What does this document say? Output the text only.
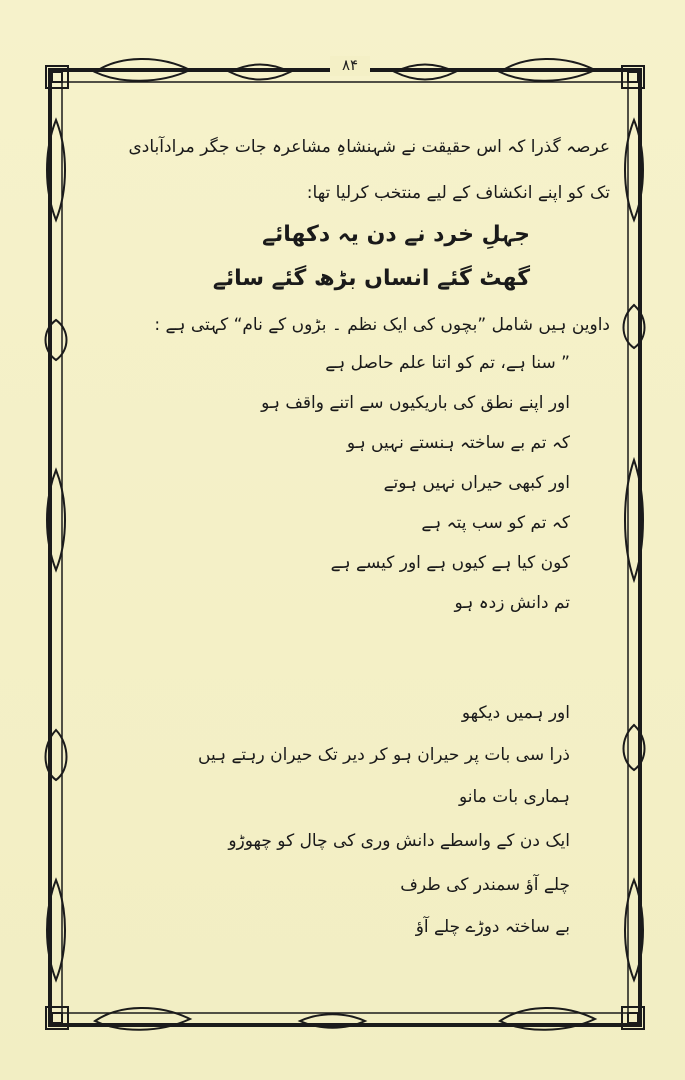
۸۴
عرصہ گذرا کہ اس حقیقت نے شہنشاہِ مشاعرہ جات جگر مرادآبادی
تک کو اپنے انکشاف کے لیے منتخب کرلیا تھا:
جہلِ خرد نے دن یہ دکھائے
گھٹ گئے انساں بڑھ گئے سائے
داوین ہیں شامل ”بچوں کی ایک نظم ۔ بڑوں کے نام“ کہتی ہے :
” سنا ہے، تم کو اتنا علم حاصل ہے
اور اپنے نطق کی باریکیوں سے اتنے واقف ہو
کہ تم بے ساختہ ہنستے نہیں ہو
اور کبھی حیراں نہیں ہوتے
کہ تم کو سب پتہ ہے
کون کیا ہے کیوں ہے اور کیسے ہے
تم دانش زدہ ہو
اور ہمیں دیکھو
ذرا سی بات پر حیران ہو کر دیر تک حیران رہتے ہیں
ہماری بات مانو
ایک دن کے واسطے دانش وری کی چال کو چھوڑو
چلے آؤ سمندر کی طرف
بے ساختہ دوڑے چلے آؤ
